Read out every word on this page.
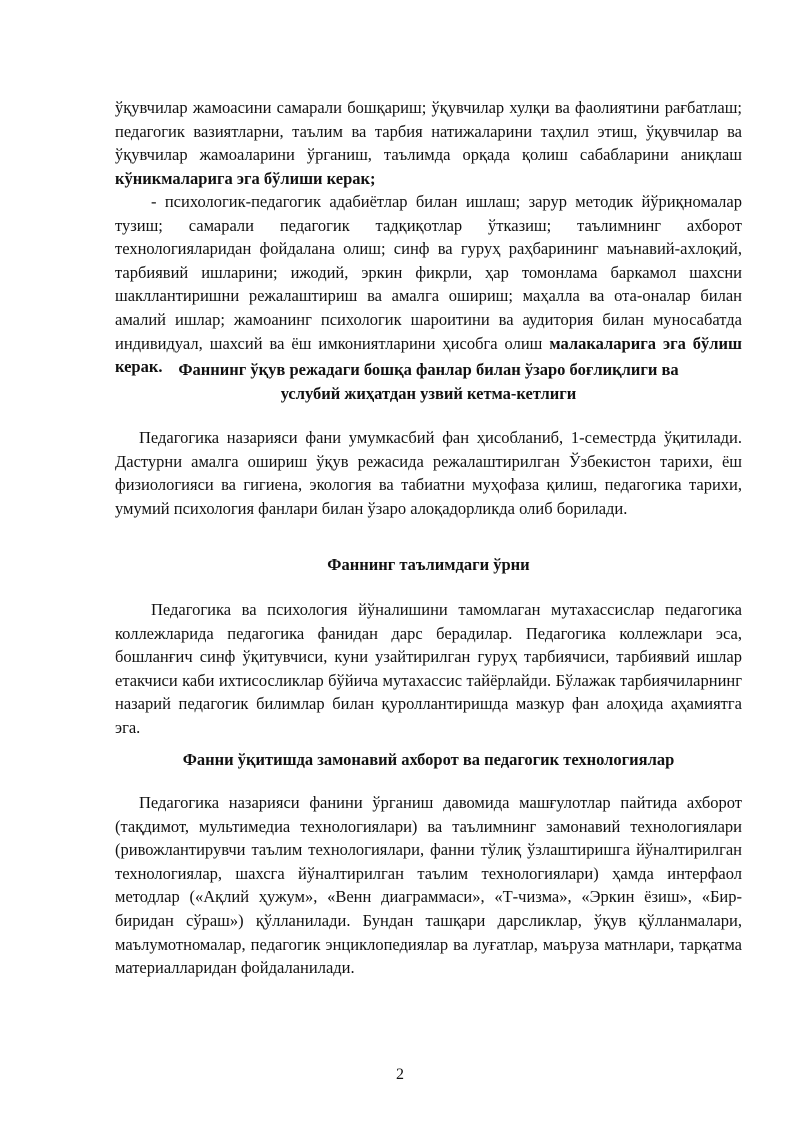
ўқувчилар жамоасини самарали бошқариш; ўқувчилар хулқи ва фаолиятини рағбатлаш; педагогик вазиятларни, таълим ва тарбия натижаларини таҳлил этиш, ўқувчилар ва ўқувчилар жамоаларини ўрганиш, таълимда орқада қолиш сабабларини аниқлаш кўникмаларига эга бўлиши керак;

- психологик-педагогик адабиётлар билан ишлаш; зарур методик йўриқномалар тузиш; самарали педагогик тадқиқотлар ўтказиш; таълимнинг ахборот технологияларидан фойдалана олиш; синф ва гуруҳ раҳбарининг маънавий-ахлоқий, тарбиявий ишларини; ижодий, эркин фикрли, ҳар томонлама баркамол шахсни шакллантиришни режалаштириш ва амалга ошириш; маҳалла ва ота-оналар билан амалий ишлар; жамоанинг психологик шароитини ва аудитория билан муносабатда индивидуал, шахсий ва ёш имкониятларини ҳисобга олиш малакаларига эга бўлиш керак. Фаннинг ўқув режадаги бошқа фанлар билан ўзаро боғлиқлиги ва
услубий жиҳатдан узвий кетма-кетлиги

Педагогика назарияси фани умумкасбий фан ҳисобланиб, 1-семестрда ўқитилади. Дастурни амалга ошириш ўқув режасида режалаштирилган Ўзбекистон тарихи, ёш физиологияси ва гигиена, экология ва табиатни муҳофаза қилиш, педагогика тарихи, умумий психология фанлари билан ўзаро алоқадорликда олиб борилади.

Фаннинг таълимдаги ўрни

Педагогика ва психология йўналишини тамомлаган мутахассислар педагогика коллежларида педагогика фанидан дарс берадилар. Педагогика коллежлари эса, бошланғич синф ўқитувчиси, куни узайтирилган гуруҳ тарбиячиси, тарбиявий ишлар етакчиси каби ихтисосликлар бўйича мутахассис тайёрлайди. Бўлажак тарбиячиларнинг назарий педагогик билимлар билан қуроллантиришда мазкур фан алоҳида аҳамиятга эга.

Фанни ўқитишда замонавий ахборот ва педагогик технологиялар

Педагогика назарияси фанини ўрганиш давомида машғулотлар пайтида ахборот (тақдимот, мультимедиа технологиялари) ва таълимнинг замонавий технологиялари (ривожлантирувчи таълим технологиялари, фанни тўлиқ ўзлаштиришга йўналтирилган технологиялар, шахсга йўналтирилган таълим технологиялари) ҳамда интерфаол методлар («Ақлий ҳужум», «Венн диаграммаси», «Т-чизма», «Эркин ёзиш», «Бир-биридан сўраш») қўлланилади. Бундан ташқари дарсликлар, ўқув қўлланмалари, маълумотномалар, педагогик энциклопедиялар ва луғатлар, маъруза матнлари, тарқатма материалларидан фойдаланилади.

2
